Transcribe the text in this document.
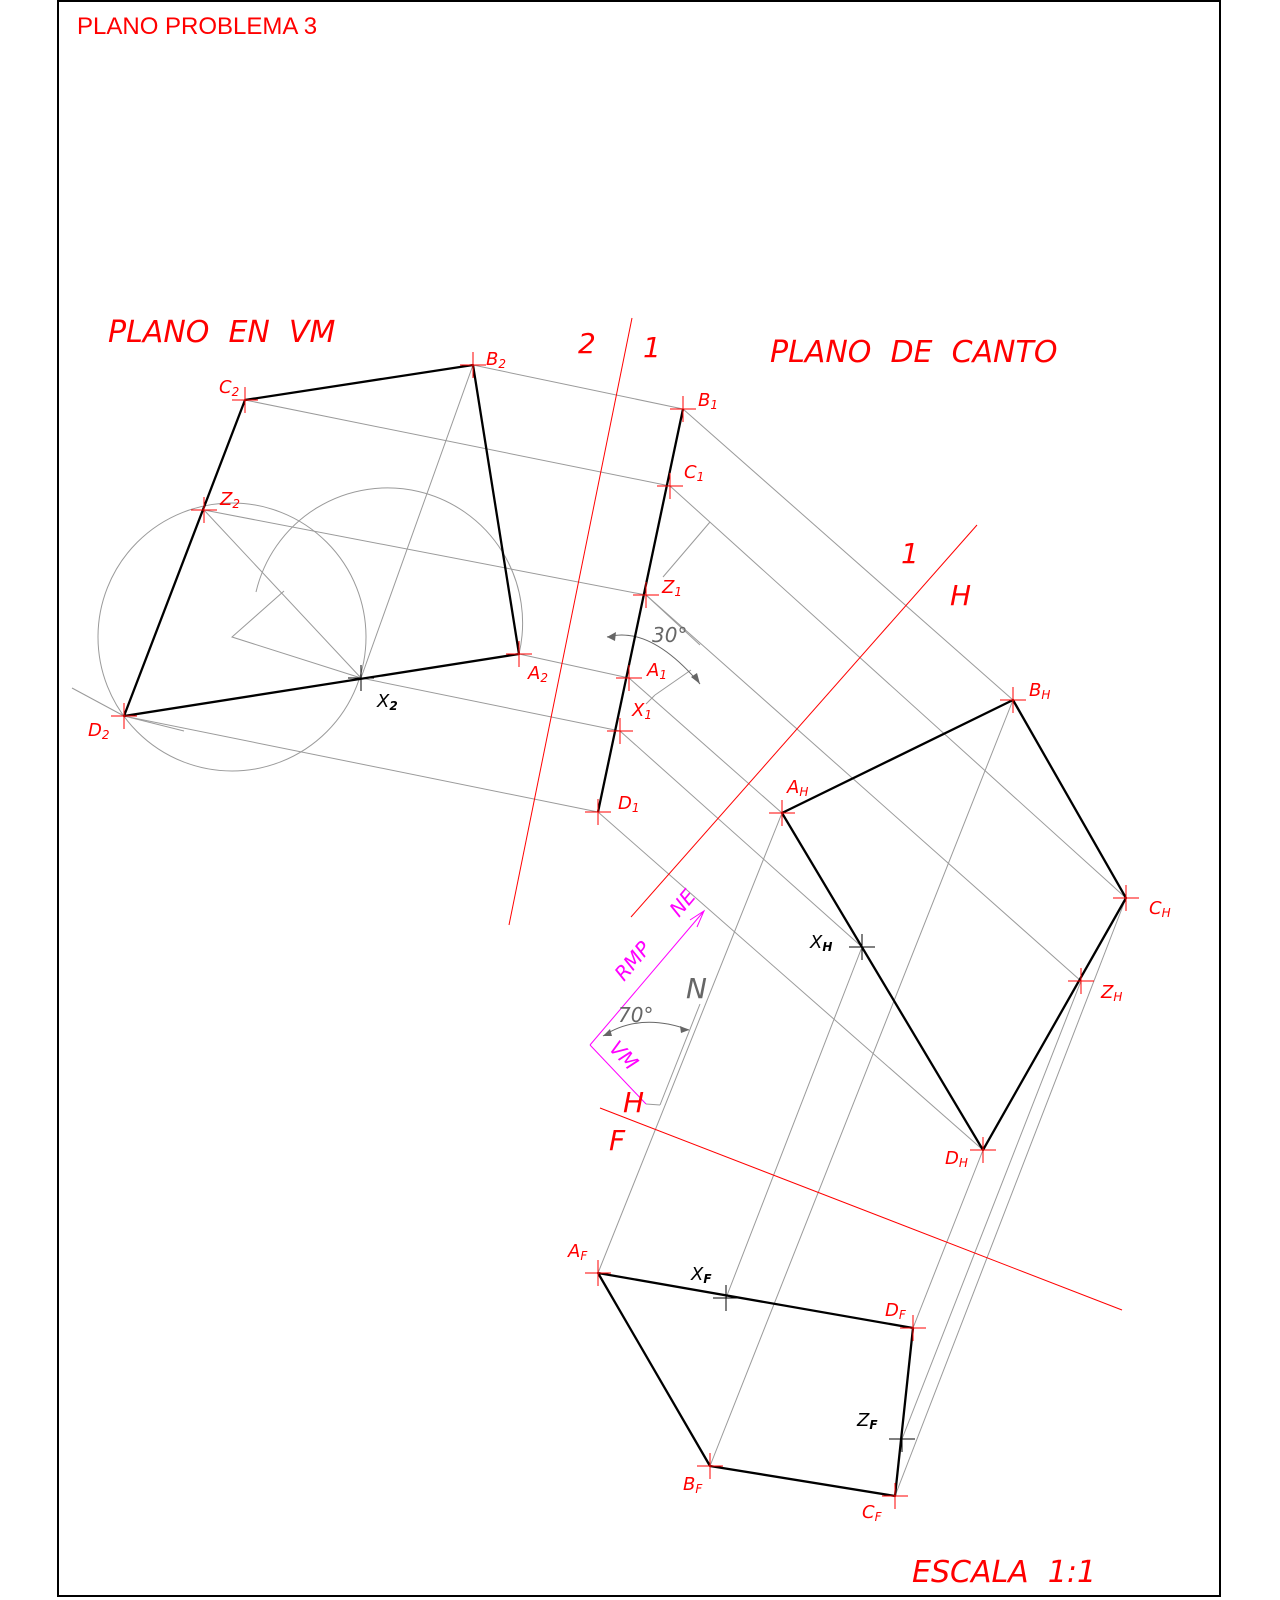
PLANO PROBLEMA 3
PLANO  EN  VM
PLANO  DE  CANTO
ESCALA  1:1
2 1
1
H
H
F
30°
70°
N
RMP
NE
VM
B2
C2
Z2
A2
D2
B1
C1
Z1
A1
X1
D1
AH
BH
CH
ZH
DH
AF
DF
BF
CF
X2
XH
XF
ZF
